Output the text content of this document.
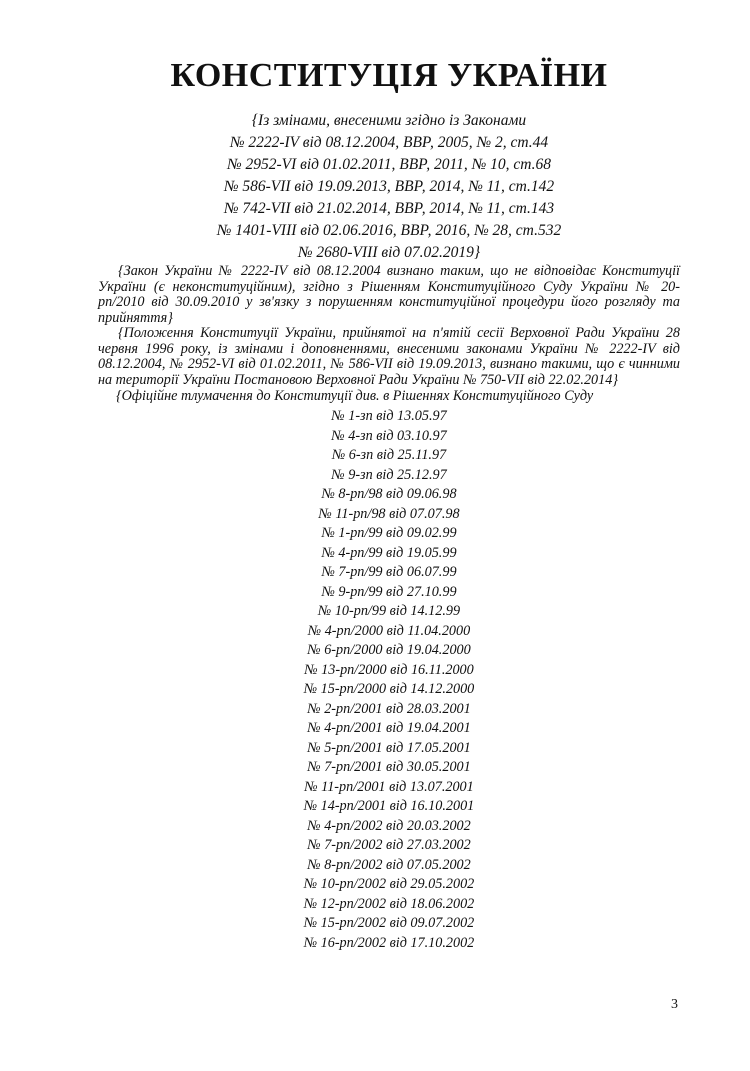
КОНСТИТУЦІЯ УКРАЇНИ
{Із змінами, внесеними згідно із Законами
№ 2222-IV від 08.12.2004, ВВР, 2005, № 2, ст.44
№ 2952-VI від 01.02.2011, ВВР, 2011, № 10, ст.68
№ 586-VII від 19.09.2013, ВВР, 2014, № 11, ст.142
№ 742-VII від 21.02.2014, ВВР, 2014, № 11, ст.143
№ 1401-VIII від 02.06.2016, ВВР, 2016, № 28, ст.532
№ 2680-VIII від 07.02.2019}

{Закон України № 2222-IV від 08.12.2004 визнано таким, що не відповідає Конституції України (є неконституційним), згідно з Рішенням Конституційного Суду України № 20-рп/2010 від 30.09.2010 у зв'язку з порушенням конституційної процедури його розгляду та прийняття}

{Положення Конституції України, прийнятої на п'ятій сесії Верховної Ради України 28 червня 1996 року, із змінами і доповненнями, внесеними законами України № 2222-IV від 08.12.2004, № 2952-VI від 01.02.2011, № 586-VII від 19.09.2013, визнано такими, що є чинними на території України Постановою Верховної Ради України № 750-VII від 22.02.2014}

{Офіційне тлумачення до Конституції див. в Рішеннях Конституційного Суду

№ 1-зп від 13.05.97
№ 4-зп від 03.10.97
№ 6-зп від 25.11.97
№ 9-зп від 25.12.97
№ 8-рп/98 від 09.06.98
№ 11-рп/98 від 07.07.98
№ 1-рп/99 від 09.02.99
№ 4-рп/99 від 19.05.99
№ 7-рп/99 від 06.07.99
№ 9-рп/99 від 27.10.99
№ 10-рп/99 від 14.12.99
№ 4-рп/2000 від 11.04.2000
№ 6-рп/2000 від 19.04.2000
№ 13-рп/2000 від 16.11.2000
№ 15-рп/2000 від 14.12.2000
№ 2-рп/2001 від 28.03.2001
№ 4-рп/2001 від 19.04.2001
№ 5-рп/2001 від 17.05.2001
№ 7-рп/2001 від 30.05.2001
№ 11-рп/2001 від 13.07.2001
№ 14-рп/2001 від 16.10.2001
№ 4-рп/2002 від 20.03.2002
№ 7-рп/2002 від 27.03.2002
№ 8-рп/2002 від 07.05.2002
№ 10-рп/2002 від 29.05.2002
№ 12-рп/2002 від 18.06.2002
№ 15-рп/2002 від 09.07.2002
№ 16-рп/2002 від 17.10.2002
3
